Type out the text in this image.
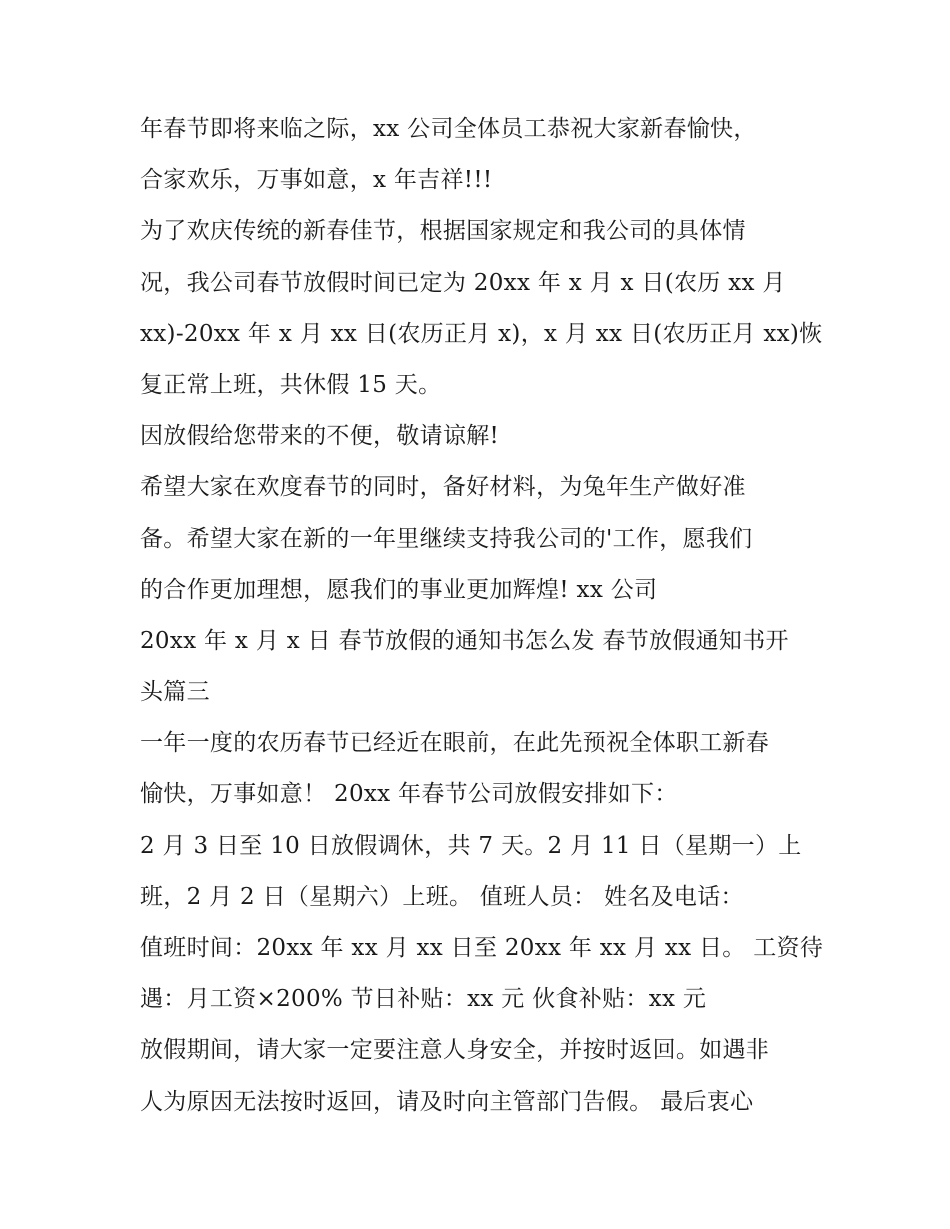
年春节即将来临之际，xx 公司全体员工恭祝大家新春愉快，
合家欢乐，万事如意，x 年吉祥!!!
为了欢庆传统的新春佳节，根据国家规定和我公司的具体情
况，我公司春节放假时间已定为 20xx 年 x 月 x 日(农历 xx 月
xx)-20xx 年 x 月 xx 日(农历正月 x)，x 月 xx 日(农历正月 xx)恢
复正常上班，共休假 15 天。
因放假给您带来的不便，敬请谅解!
希望大家在欢度春节的同时，备好材料，为兔年生产做好准
备。希望大家在新的一年里继续支持我公司的'工作，愿我们
的合作更加理想，愿我们的事业更加辉煌! xx 公司
20xx 年 x 月 x 日 春节放假的通知书怎么发 春节放假通知书开
头篇三
一年一度的农历春节已经近在眼前，在此先预祝全体职工新春
愉快，万事如意！ 20xx 年春节公司放假安排如下：
2 月 3 日至 10 日放假调休，共 7 天。2 月 11 日（星期一）上
班，2 月 2 日（星期六）上班。 值班人员： 姓名及电话：
值班时间：20xx 年 xx 月 xx 日至 20xx 年 xx 月 xx 日。 工资待
遇：月工资×200% 节日补贴：xx 元 伙食补贴：xx 元
放假期间，请大家一定要注意人身安全，并按时返回。如遇非
人为原因无法按时返回，请及时向主管部门告假。 最后衷心
